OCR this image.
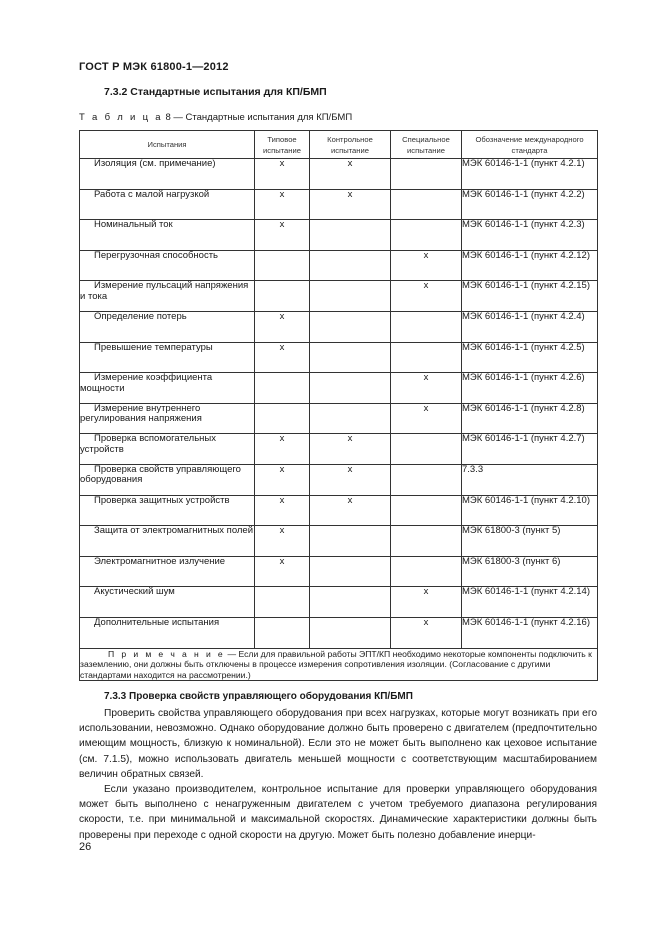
ГОСТ Р МЭК 61800-1—2012
7.3.2 Стандартные испытания для КП/БМП
Т а б л и ц а 8 — Стандартные испытания для КП/БМП
Испытания	Типовое испытание	Контрольное испытание	Специальное испытание	Обозначение международного стандарта
Изоляция (см. примечание)	x	x		МЭК 60146-1-1 (пункт 4.2.1)
Работа с малой нагрузкой	x	x		МЭК 60146-1-1 (пункт 4.2.2)
Номинальный ток	x			МЭК 60146-1-1 (пункт 4.2.3)
Перегрузочная способность			x	МЭК 60146-1-1 (пункт 4.2.12)
Измерение пульсаций напряжения и тока			x	МЭК 60146-1-1 (пункт 4.2.15)
Определение потерь	x			МЭК 60146-1-1 (пункт 4.2.4)
Превышение температуры	x			МЭК 60146-1-1 (пункт 4.2.5)
Измерение коэффициента мощности			x	МЭК 60146-1-1 (пункт 4.2.6)
Измерение внутреннего регулирования напряжения			x	МЭК 60146-1-1 (пункт 4.2.8)
Проверка вспомогательных устройств	x	x		МЭК 60146-1-1 (пункт 4.2.7)
Проверка свойств управляющего оборудования	x	x		7.3.3
Проверка защитных устройств	x	x		МЭК 60146-1-1 (пункт 4.2.10)
Защита от электромагнитных полей	x			МЭК 61800-3 (пункт 5)
Электромагнитное излучение	x			МЭК 61800-3 (пункт 6)
Акустический шум			x	МЭК 60146-1-1 (пункт 4.2.14)
Дополнительные испытания			x	МЭК 60146-1-1 (пункт 4.2.16)
П р и м е ч а н и е — Если для правильной работы ЭПТ/КП необходимо некоторые компоненты подключить к заземлению, они должны быть отключены в процессе измерения сопротивления изоляции. (Согласование с другими стандартами находится на рассмотрении.)				
7.3.3 Проверка свойств управляющего оборудования КП/БМП

Проверить свойства управляющего оборудования при всех нагрузках, которые могут возникать при его использовании, невозможно. Однако оборудование должно быть проверено с двигателем (предпочтительно имеющим мощность, близкую к номинальной). Если это не может быть выполнено как цеховое испытание (см. 7.1.5), можно использовать двигатель меньшей мощности с соответствующим масштабированием величин обратных связей.

Если указано производителем, контрольное испытание для проверки управляющего оборудования может быть выполнено с ненагруженным двигателем с учетом требуемого диапазона регулирования скорости, т.е. при минимальной и максимальной скоростях. Динамические характеристики должны быть проверены при переходе с одной скорости на другую. Может быть полезно добавление инерци-

26
